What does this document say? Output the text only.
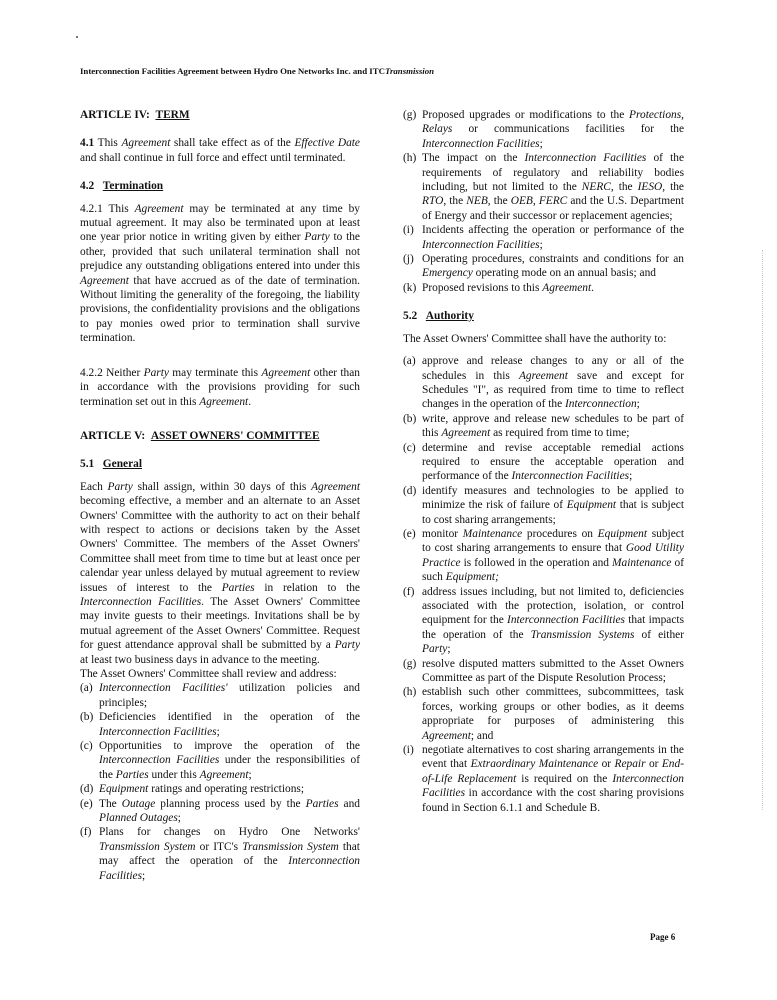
Interconnection Facilities Agreement between Hydro One Networks Inc. and ITCTransmission

ARTICLE IV: TERM

4.1 This Agreement shall take effect as of the Effective Date and shall continue in full force and effect until terminated.

4.2 Termination

4.2.1 This Agreement may be terminated at any time by mutual agreement. It may also be terminated upon at least one year prior notice in writing given by either Party to the other, provided that such unilateral termination shall not prejudice any outstanding obligations entered into under this Agreement that have accrued as of the date of termination. Without limiting the generality of the foregoing, the liability provisions, the confidentiality provisions and the obligations to pay monies owed prior to termination shall survive termination.

4.2.2 Neither Party may terminate this Agreement other than in accordance with the provisions providing for such termination set out in this Agreement.

ARTICLE V: ASSET OWNERS' COMMITTEE

5.1 General

Each Party shall assign, within 30 days of this Agreement becoming effective, a member and an alternate to an Asset Owners' Committee with the authority to act on their behalf with respect to actions or decisions taken by the Asset Owners' Committee. The members of the Asset Owners' Committee shall meet from time to time but at least once per calendar year unless delayed by mutual agreement to review issues of interest to the Parties in relation to the Interconnection Facilities. The Asset Owners' Committee may invite guests to their meetings. Invitations shall be by mutual agreement of the Asset Owners' Committee. Request for guest attendance approval shall be submitted by a Party at least two business days in advance to the meeting.

The Asset Owners' Committee shall review and address:

(a) Interconnection Facilities' utilization policies and principles;
(b) Deficiencies identified in the operation of the Interconnection Facilities;
(c) Opportunities to improve the operation of the Interconnection Facilities under the responsibilities of the Parties under this Agreement;
(d) Equipment ratings and operating restrictions;
(e) The Outage planning process used by the Parties and Planned Outages;
(f) Plans for changes on Hydro One Networks' Transmission System or ITC's Transmission System that may affect the operation of the Interconnection Facilities;
(g) Proposed upgrades or modifications to the Protections, Relays or communications facilities for the Interconnection Facilities;
(h) The impact on the Interconnection Facilities of the requirements of regulatory and reliability bodies including, but not limited to the NERC, the IESO, the RTO, the NEB, the OEB, FERC and the U.S. Department of Energy and their successor or replacement agencies;
(i) Incidents affecting the operation or performance of the Interconnection Facilities;
(j) Operating procedures, constraints and conditions for an Emergency operating mode on an annual basis; and
(k) Proposed revisions to this Agreement.

5.2 Authority

The Asset Owners' Committee shall have the authority to:

(a) approve and release changes to any or all of the schedules in this Agreement save and except for Schedules "I", as required from time to time to reflect changes in the operation of the Interconnection;
(b) write, approve and release new schedules to be part of this Agreement as required from time to time;
(c) determine and revise acceptable remedial actions required to ensure the acceptable operation and performance of the Interconnection Facilities;
(d) identify measures and technologies to be applied to minimize the risk of failure of Equipment that is subject to cost sharing arrangements;
(e) monitor Maintenance procedures on Equipment subject to cost sharing arrangements to ensure that Good Utility Practice is followed in the operation and Maintenance of such Equipment;
(f) address issues including, but not limited to, deficiencies associated with the protection, isolation, or control equipment for the Interconnection Facilities that impacts the operation of the Transmission Systems of either Party;
(g) resolve disputed matters submitted to the Asset Owners Committee as part of the Dispute Resolution Process;
(h) establish such other committees, subcommittees, task forces, working groups or other bodies, as it deems appropriate for purposes of administering this Agreement; and
(i) negotiate alternatives to cost sharing arrangements in the event that Extraordinary Maintenance or Repair or End-of-Life Replacement is required on the Interconnection Facilities in accordance with the cost sharing provisions found in Section 6.1.1 and Schedule B.
Page 6
